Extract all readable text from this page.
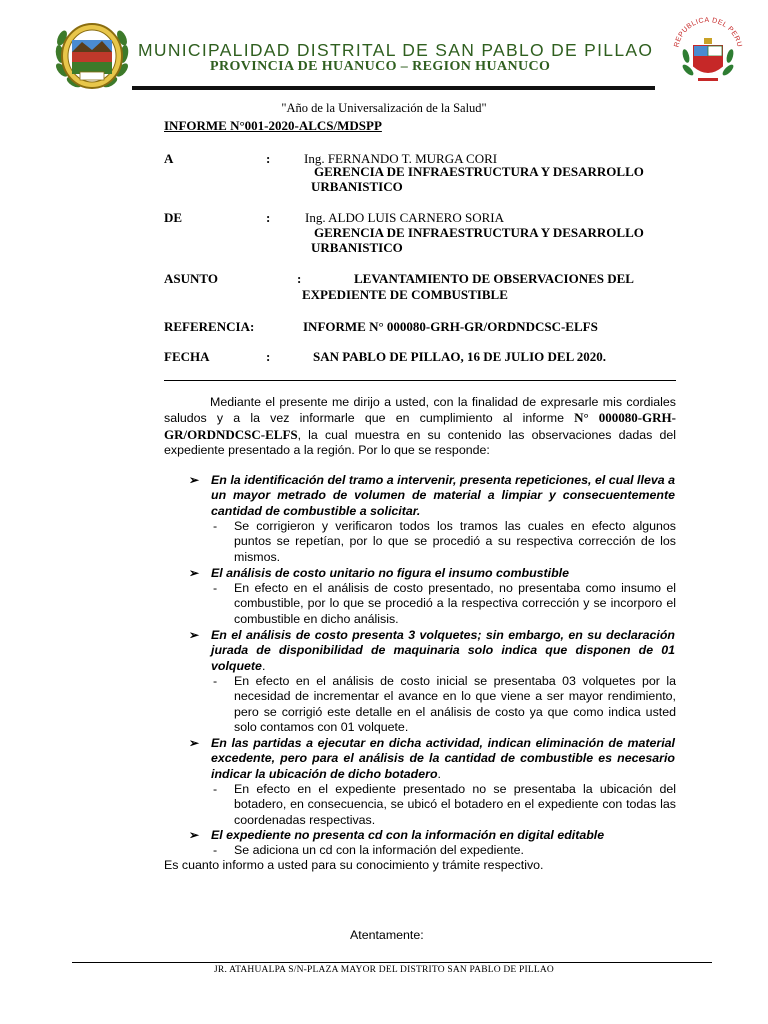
MUNICIPALIDAD DISTRITAL DE SAN PABLO DE PILLAO
PROVINCIA DE HUANUCO – REGION HUANUCO
REPUBLICA DEL PERU
"Año de la Universalización de la Salud"
INFORME N°001-2020-ALCS/MDSPP
A	:	Ing. FERNANDO T. MURGA CORI
GERENCIA DE INFRAESTRUCTURA Y DESARROLLO
URBANISTICO
DE	:	Ing. ALDO LUIS CARNERO SORIA
GERENCIA DE INFRAESTRUCTURA Y DESARROLLO
URBANISTICO
ASUNTO	:	LEVANTAMIENTO DE OBSERVACIONES DEL
EXPEDIENTE DE COMBUSTIBLE
REFERENCIA:	INFORME N° 000080-GRH-GR/ORDNDCSC-ELFS
FECHA	:	SAN PABLO DE PILLAO, 16 DE JULIO DEL 2020.
Mediante el presente me dirijo a usted, con la finalidad de expresarle mis cordiales saludos y a la vez informarle que en cumplimiento al informe N° 000080-GRH-GR/ORDNDCSC-ELFS, la cual muestra en su contenido las observaciones dadas del expediente presentado a la región. Por lo que se responde:
➢ En la identificación del tramo a intervenir, presenta repeticiones, el cual lleva a un mayor metrado de volumen de material a limpiar y consecuentemente cantidad de combustible a solicitar.
- Se corrigieron y verificaron todos los tramos las cuales en efecto algunos puntos se repetían, por lo que se procedió a su respectiva corrección de los mismos.
➢ El análisis de costo unitario no figura el insumo combustible
- En efecto en el análisis de costo presentado, no presentaba como insumo el combustible, por lo que se procedió a la respectiva corrección y se incorporo el combustible en dicho análisis.
➢ En el análisis de costo presenta 3 volquetes; sin embargo, en su declaración jurada de disponibilidad de maquinaria solo indica que disponen de 01 volquete.
- En efecto en el análisis de costo inicial se presentaba 03 volquetes por la necesidad de incrementar el avance en lo que viene a ser mayor rendimiento, pero se corrigió este detalle en el análisis de costo ya que como indica usted solo contamos con 01 volquete.
➢ En las partidas a ejecutar en dicha actividad, indican eliminación de material excedente, pero para el análisis de la cantidad de combustible es necesario indicar la ubicación de dicho botadero.
- En efecto en el expediente presentado no se presentaba la ubicación del botadero, en consecuencia, se ubicó el botadero en el expediente con todas las coordenadas respectivas.
➢ El expediente no presenta cd con la información en digital editable
- Se adiciona un cd con la información del expediente.
Es cuanto informo a usted para su conocimiento y trámite respectivo.
Atentamente:
JR. ATAHUALPA S/N-PLAZA MAYOR DEL DISTRITO SAN PABLO DE PILLAO
